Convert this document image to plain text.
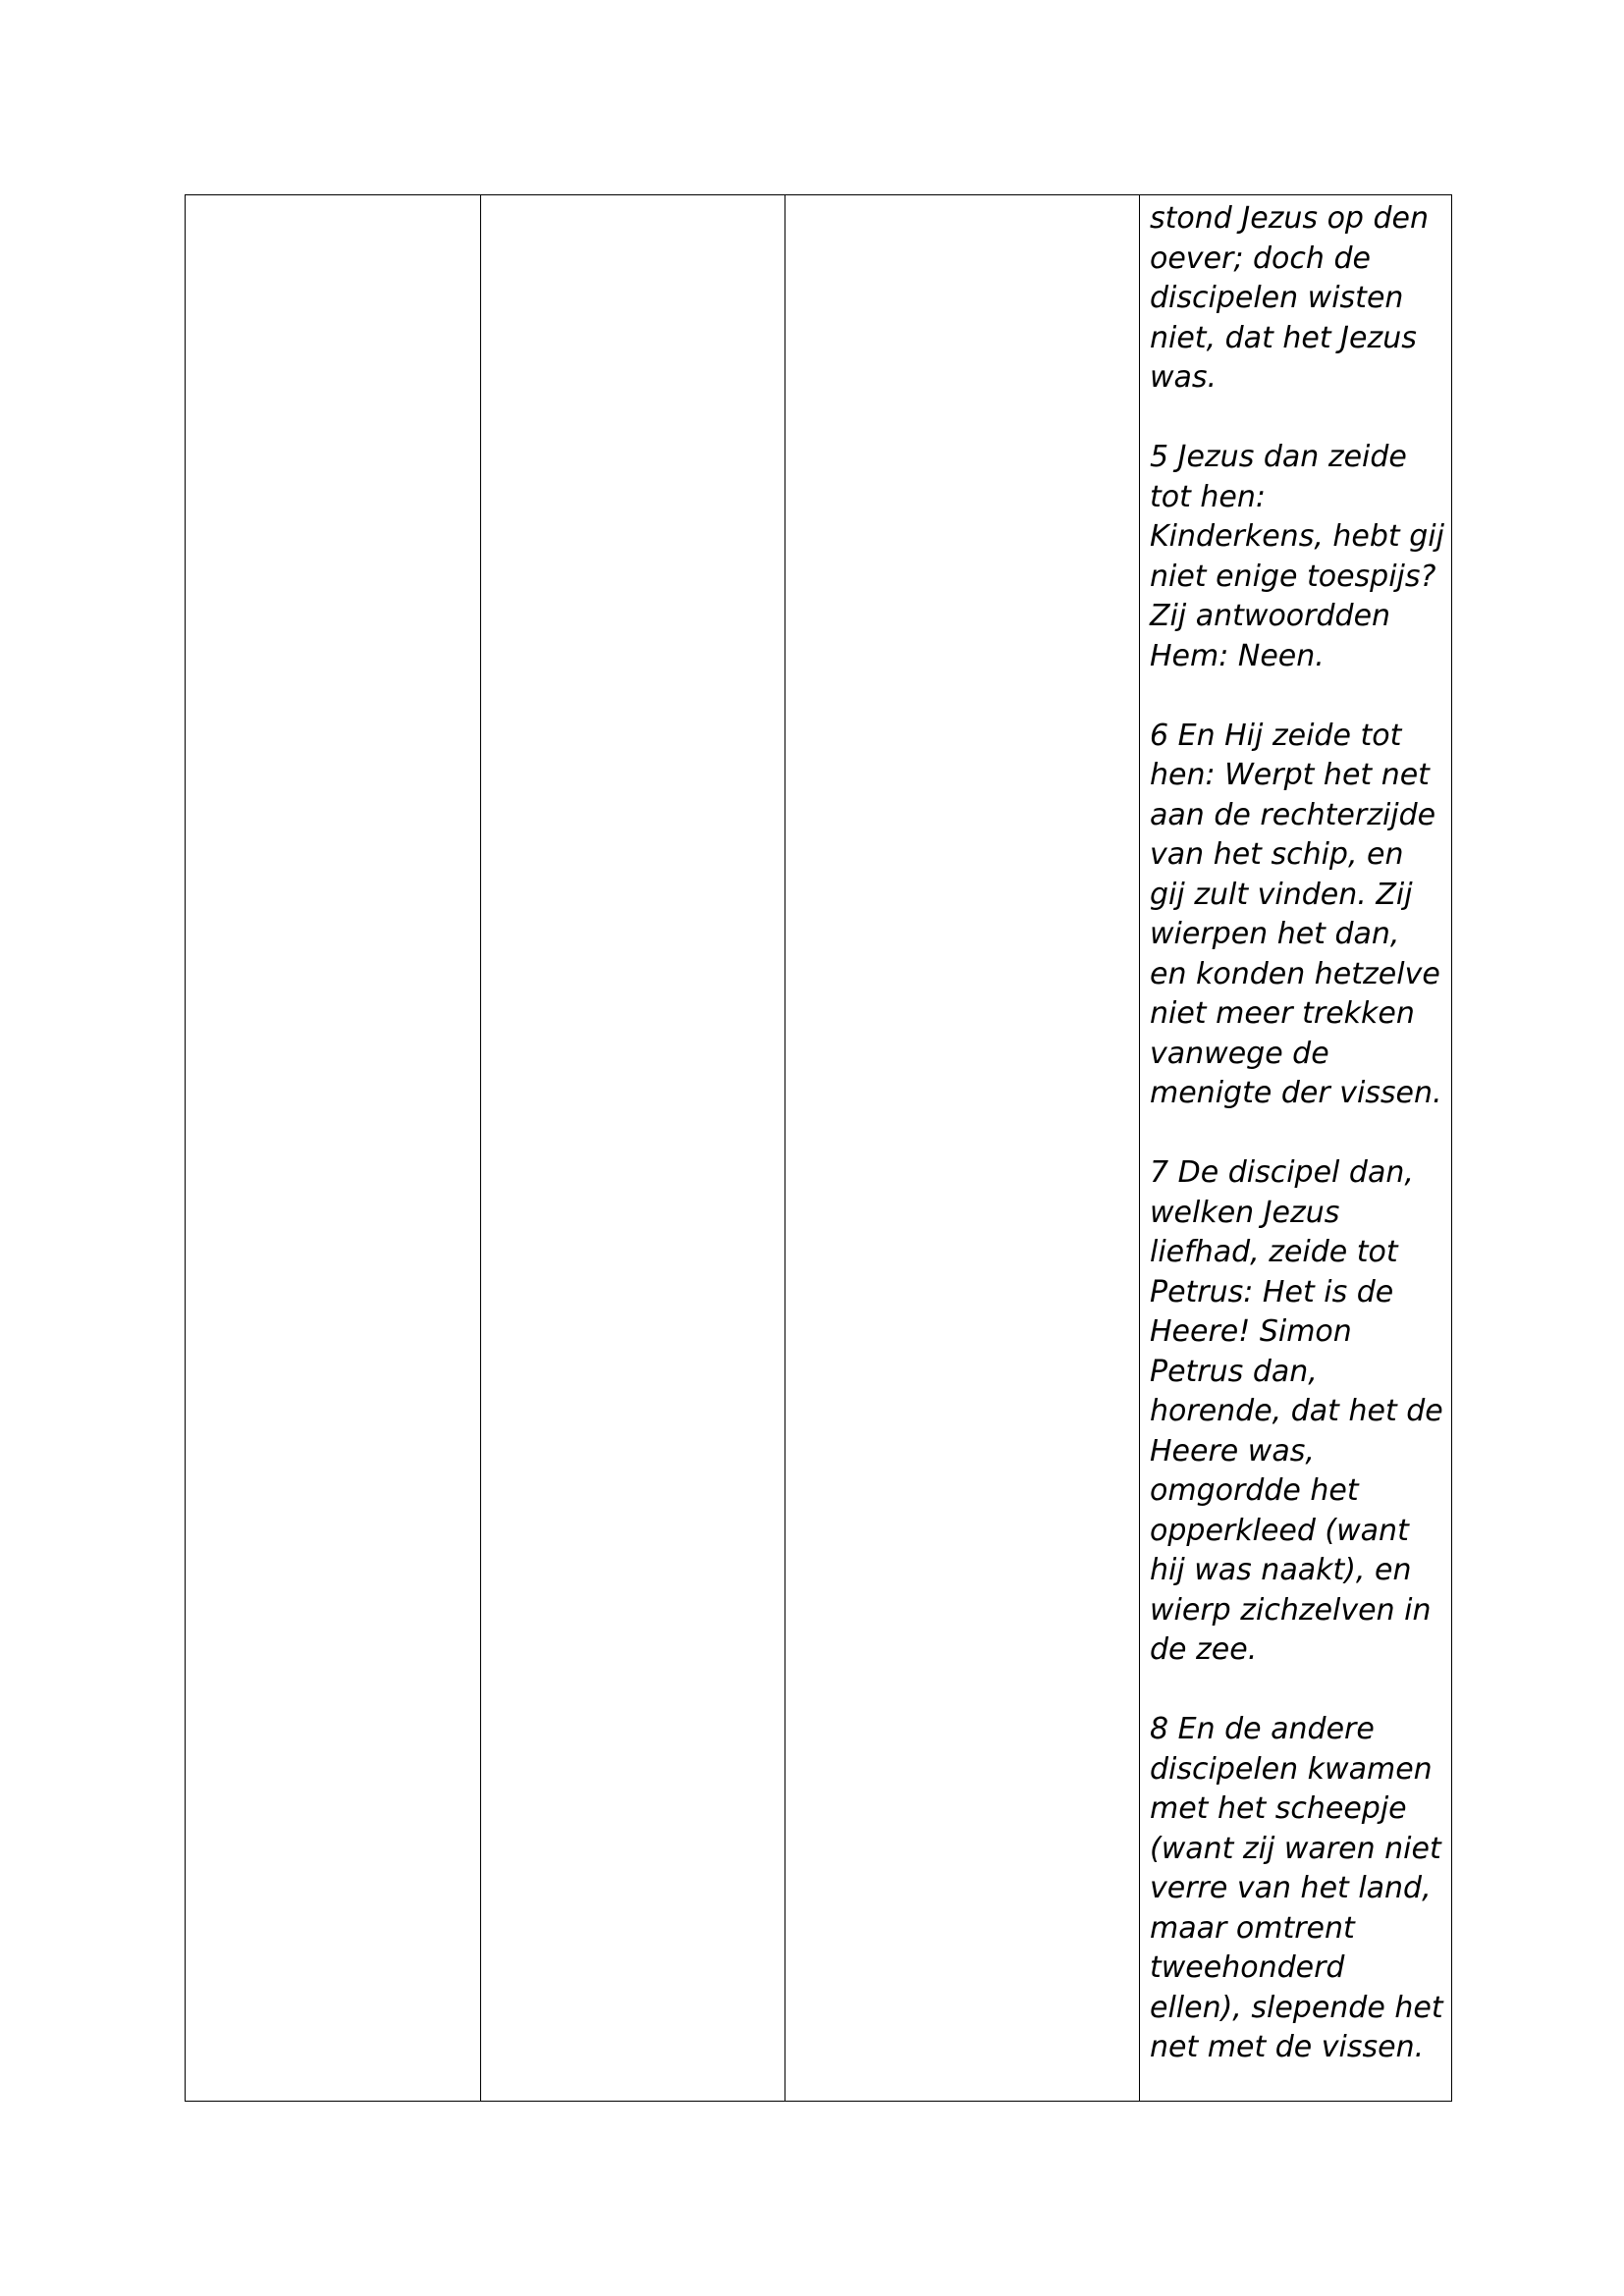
stond Jezus op den oever; doch de discipelen wisten niet, dat het Jezus was.

5 Jezus dan zeide tot hen: Kinderkens, hebt gij niet enige toespijs? Zij antwoordden Hem: Neen.

6 En Hij zeide tot hen: Werpt het net aan de rechterzijde van het schip, en gij zult vinden. Zij wierpen het dan, en konden hetzelve niet meer trekken vanwege de menigte der vissen.

7 De discipel dan, welken Jezus liefhad, zeide tot Petrus: Het is de Heere! Simon Petrus dan, horende, dat het de Heere was, omgordde het opperkleed (want hij was naakt), en wierp zichzelven in de zee.

8 En de andere discipelen kwamen met het scheepje (want zij waren niet verre van het land, maar omtrent tweehonderd ellen), slepende het net met de vissen.
